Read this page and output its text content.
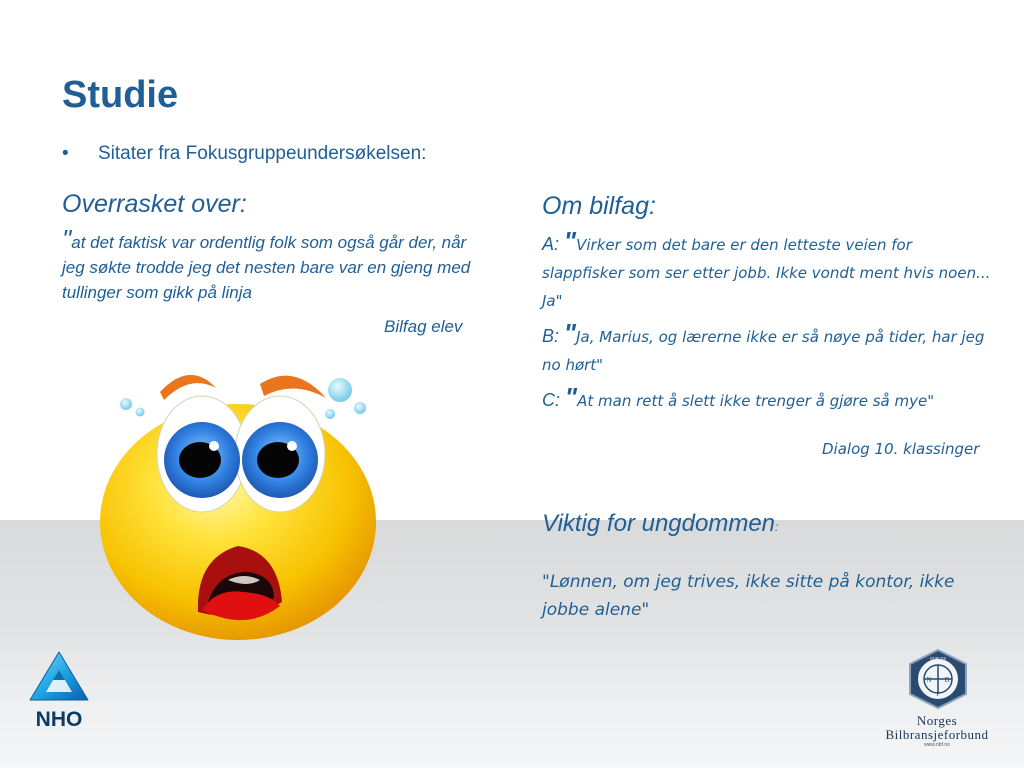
Studie
• Sitater fra Fokusgruppeundersøkelsen:
Overrasket over:
"at det faktisk var ordentlig folk som også går der, når jeg søkte trodde jeg det nesten bare var en gjeng med tullinger som gikk på linja
Bilfag elev
Om bilfag:
A: "Virker som det bare er den letteste veien for slappfisker som ser etter jobb. Ikke vondt ment hvis noen... Ja"
B: "Ja, Marius, og lærerne ikke er så nøye på tider, har jeg no hørt"
C: "At man rett å slett ikke trenger å gjøre så mye"
Dialog 10. klassinger
Viktig for ungdommen:
"Lønnen, om jeg trives, ikke sitte på kontor, ikke jobbe alene"
NHO
NORGES
N B
F
Norges
Bilbransjeforbund
www.nbf.no
